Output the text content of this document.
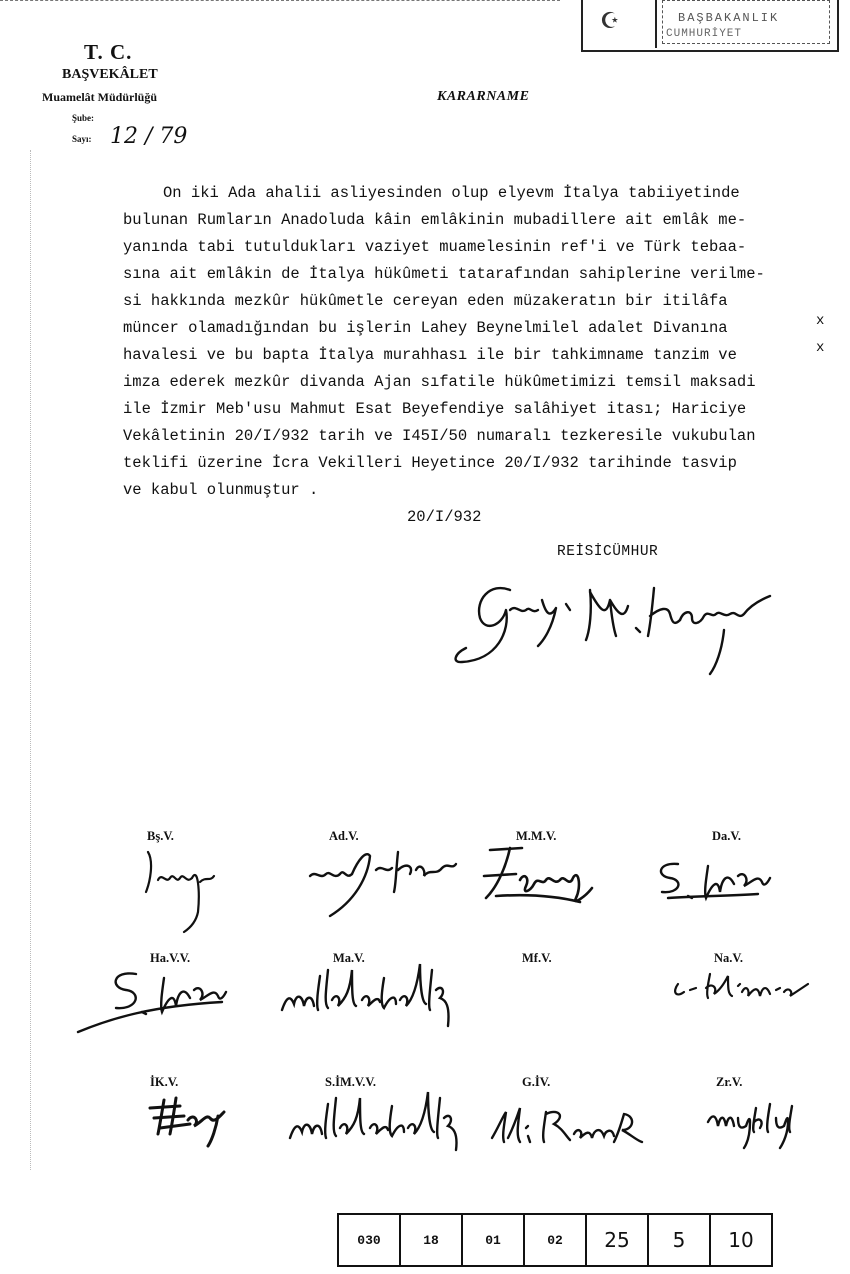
T. C.
BAŞVEKÂLET
Muamelât Müdürlüğü
Şube:
Sayı: 12 / 79
KARARNAME
☪	BAŞBAKANLIK
CUMHURİYET
On iki Ada ahalii asliyesinden olup elyevm İtalya tabiiyetinde
bulunan Rumların Anadoluda kâin emlâkinin mubadillere ait emlâk me-
yanında tabi tutuldukları vaziyet muamelesinin ref'i ve Türk tebaa-
sına ait emlâkin de İtalya hükûmeti tatarafından sahiplerine verilme-
si hakkında mezkûr hükûmetle cereyan eden müzakeratın bir itilâfa
müncer olamadığından bu işlerin Lahey Beynelmilel adalet Divanına
havalesi ve bu bapta İtalya murahhası ile bir tahkimname tanzim ve
imza ederek mezkûr divanda Ajan sıfatile hükûmetimizi temsil maksadi
ile İzmir Meb'usu Mahmut Esat Beyefendiye salâhiyet itası; Hariciye
Vekâletinin 20/I/932 tarih ve I45I/50 numaralı tezkeresile vukubulan
teklifi üzerine İcra Vekilleri Heyetince 20/I/932 tarihinde tasvip
ve kabul olunmuştur .
x
x
20/I/932
REİSİCÜMHUR
Bş.V.	Ad.V.	M.M.V.	Da.V.
Ha.V.V.	Ma.V.	Mf.V.	Na.V.
İK.V.	S.İM.V.V.	G.İV.	Zr.V.
030	18	01	02	25	5	10
